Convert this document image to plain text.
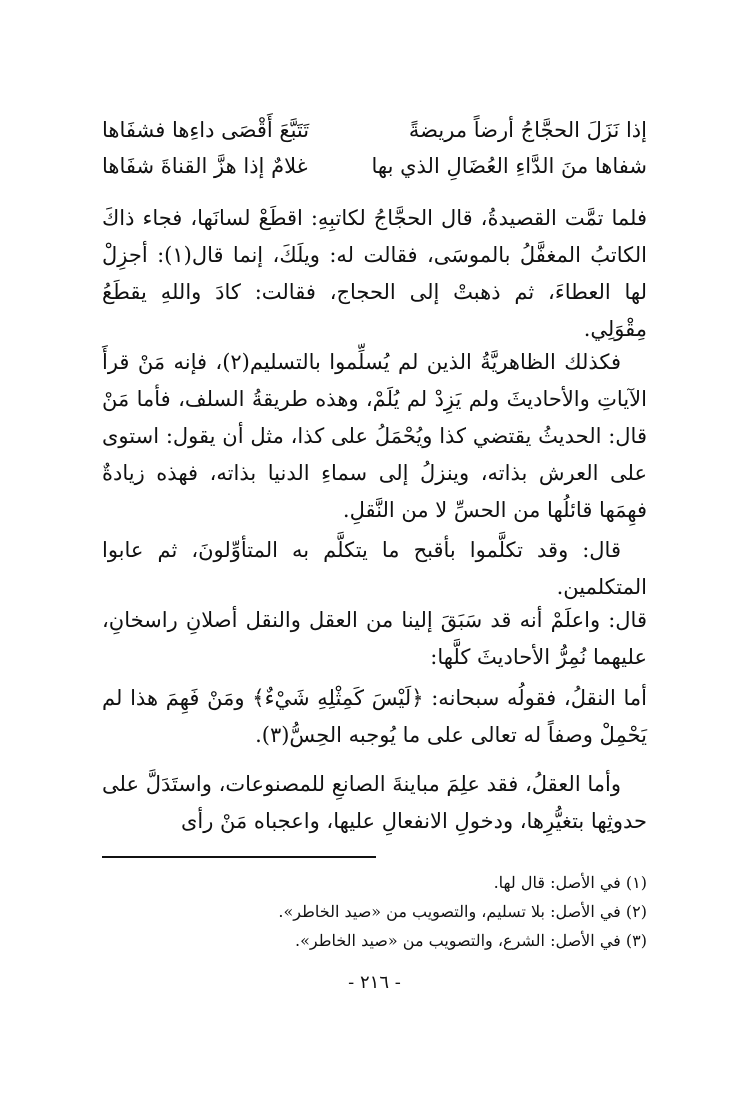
إذا نَزَلَ الحجَّاجُ أرضاً مريضةً
تَتَبَّعَ أَقْصَى داءِها فشفَاها
شفاها منَ الدَّاءِ العُضَالِ الذي بها
غلامٌ إذا هزَّ القناةَ شفَاها

فلما تمَّت القصيدةُ، قال الحجَّاجُ لكاتبِهِ: اقطَعْ لسانَها، فجاء ذاكَ الكاتبُ المغفَّلُ بالموسَى، فقالت له: ويلَكَ، إنما قال(١): أجزِلْ لها العطاءَ، ثم ذهبتْ إلى الحجاج، فقالت: كادَ واللهِ يقطَعُ مِقْوَلِي.

فكذلك الظاهريَّةُ الذين لم يُسلِّموا بالتسليم(٢)، فإنه مَنْ قرأَ الآياتِ والأحاديثَ ولم يَزِدْ لم يُلَمْ، وهذه طريقةُ السلف، فأما مَنْ قال: الحديثُ يقتضي كذا ويُحْمَلُ على كذا، مثل أن يقول: استوى على العرش بذاته، وينزلُ إلى سماءِ الدنيا بذاته، فهذه زيادةٌ فهِمَها قائلُها من الحسِّ لا من النَّقلِ.

قال: وقد تكلَّموا بأقبح ما يتكلَّم به المتأوِّلونَ، ثم عابوا المتكلمين.

قال: واعلَمْ أنه قد سَبَقَ إلينا من العقل والنقل أصلانِ راسخانِ، عليهما نُمِرُّ الأحاديثَ كلَّها:

أما النقلُ، فقولُه سبحانه: ﴿لَيْسَ كَمِثْلِهِ شَيْءٌ﴾ ومَنْ فَهِمَ هذا لم يَحْمِلْ وصفاً له تعالى على ما يُوجبه الحِسُّ(٣).

وأما العقلُ، فقد علِمَ مباينةَ الصانعِ للمصنوعات، واستَدَلَّ على حدوثِها بتغيُّرِها، ودخولِ الانفعالِ عليها، واعجباه مَنْ رأى

(١) في الأصل: قال لها.
(٢) في الأصل: بلا تسليم، والتصويب من «صيد الخاطر».
(٣) في الأصل: الشرع، والتصويب من «صيد الخاطر».
- ٢١٦ -
